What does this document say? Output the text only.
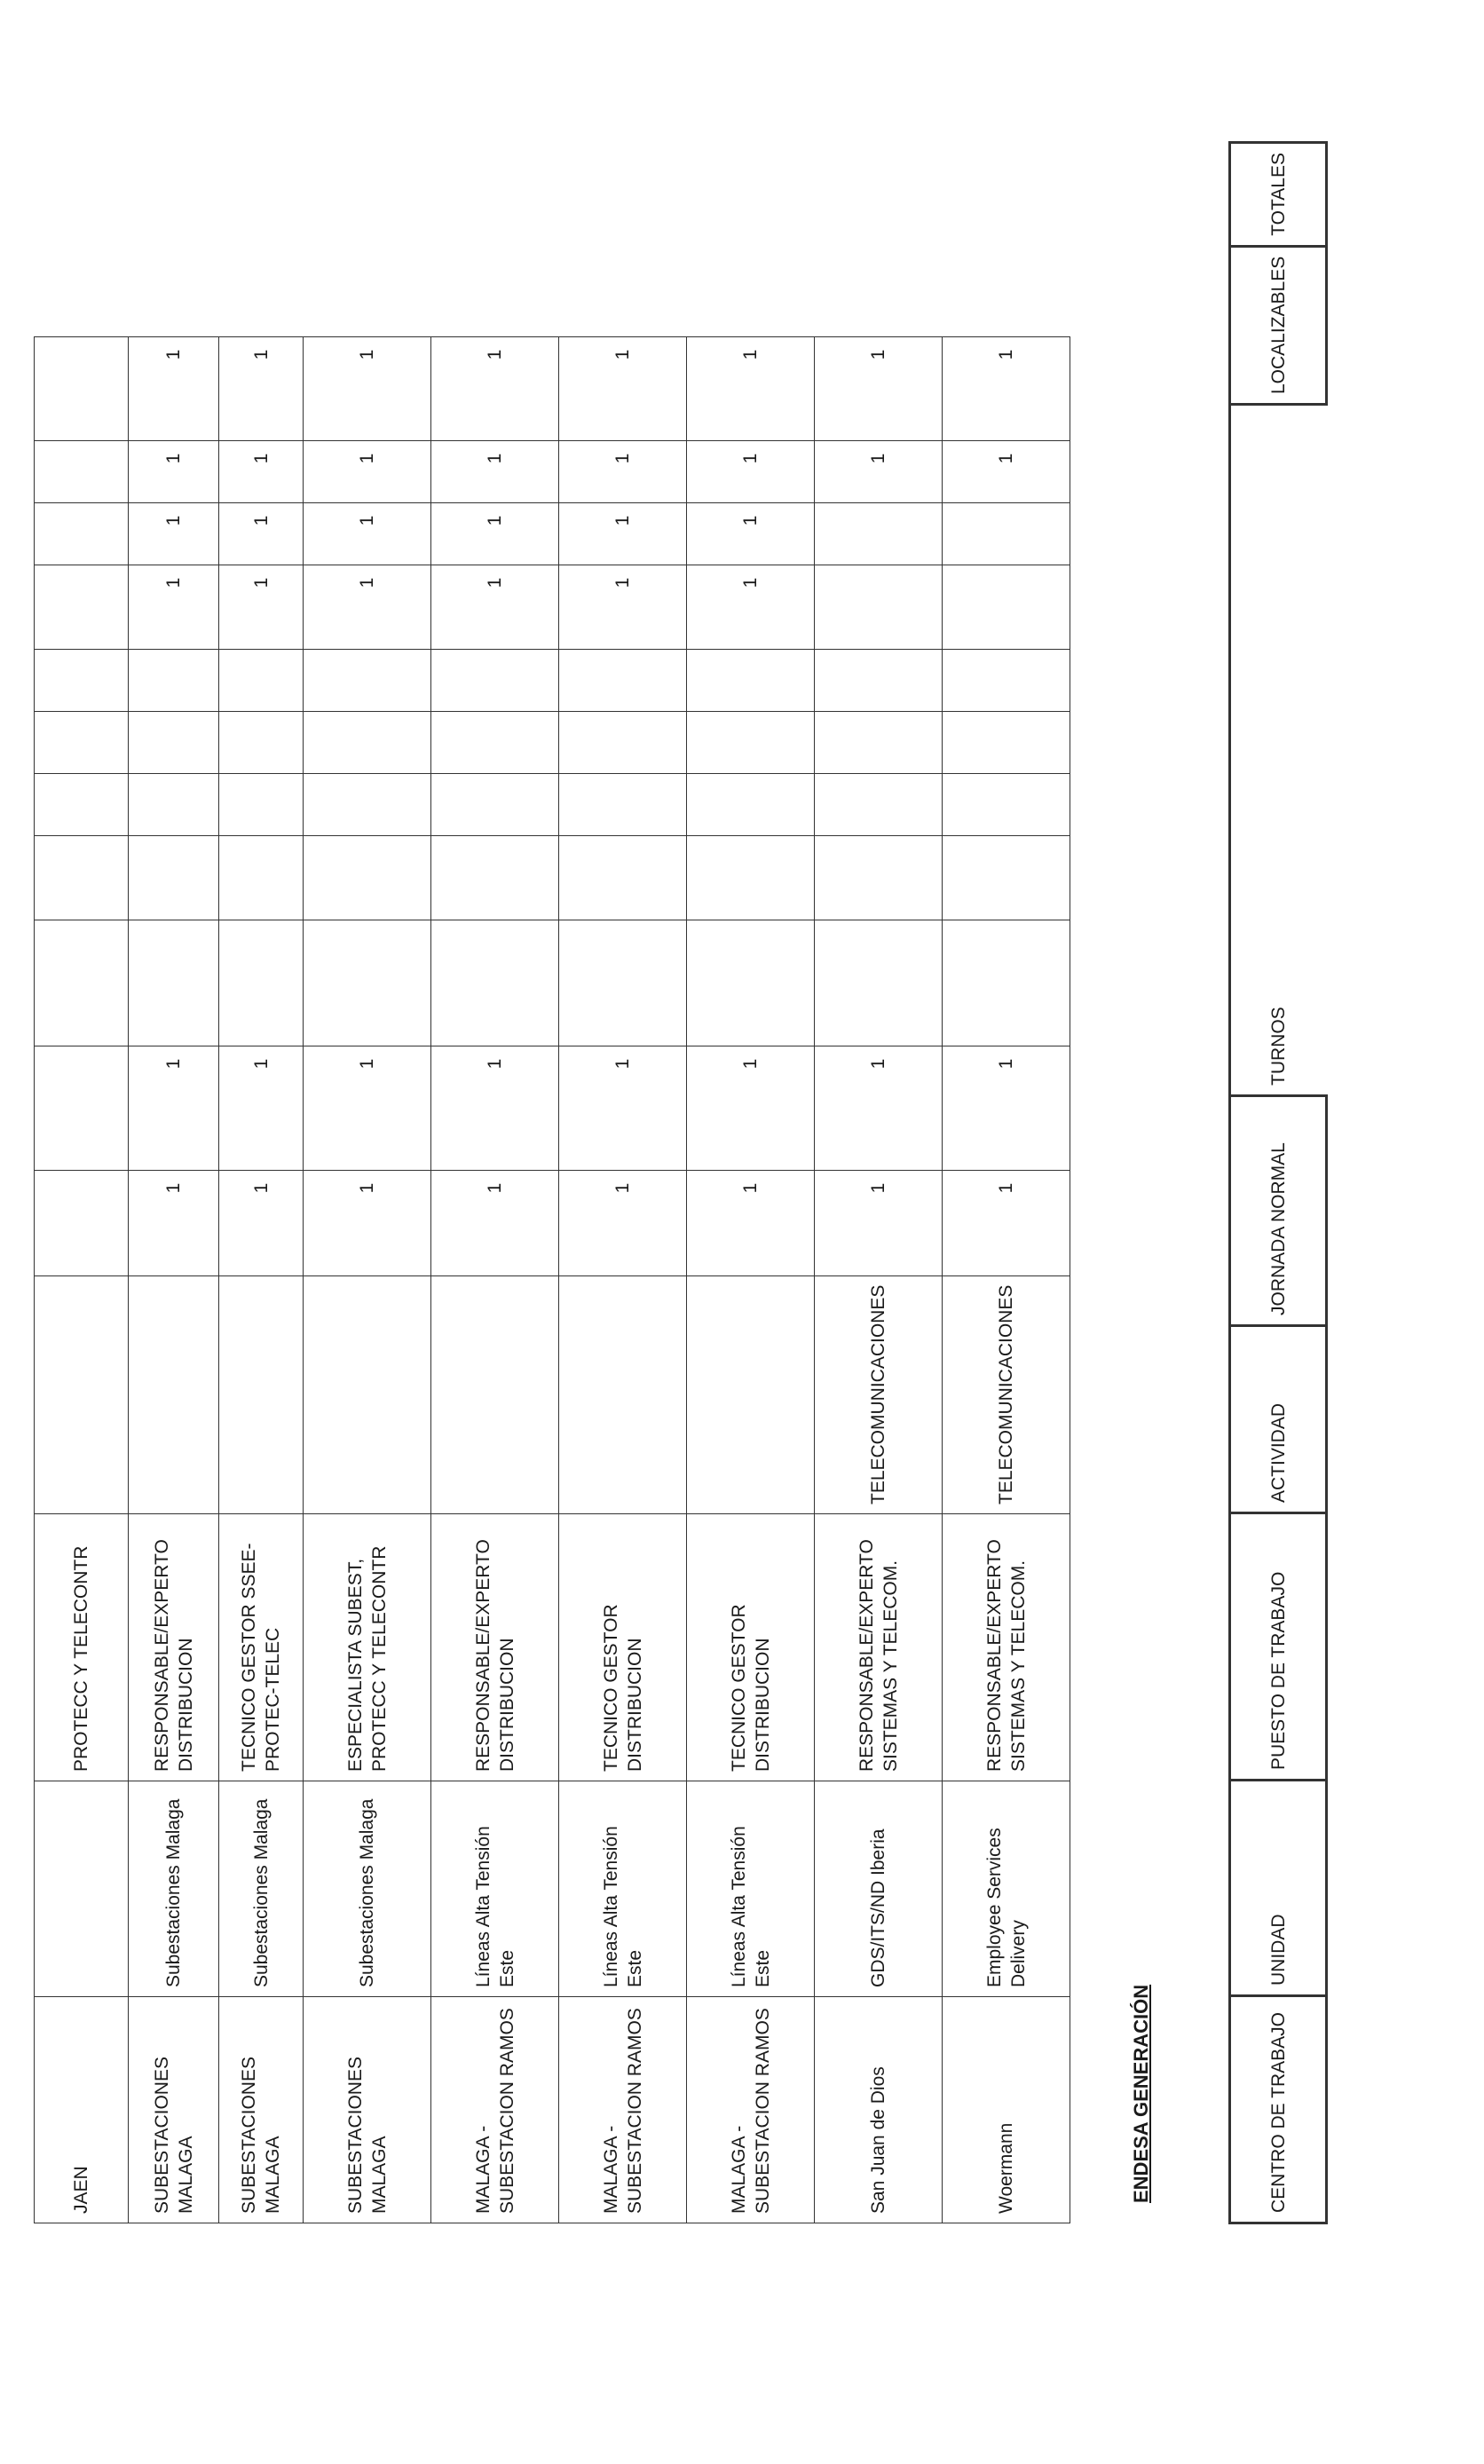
JAEN		PROTECC Y TELECONTR												
SUBESTACIONES MALAGA	Subestaciones Malaga	RESPONSABLE/EXPERTO DISTRIBUCION		1	1						1	1	1	1
SUBESTACIONES MALAGA	Subestaciones Malaga	TECNICO GESTOR SSEE-PROTEC-TELEC		1	1						1	1	1	1
SUBESTACIONES MALAGA	Subestaciones Malaga	ESPECIALISTA SUBEST, PROTECC Y TELECONTR		1	1						1	1	1	1
MALAGA - SUBESTACION RAMOS	Líneas Alta Tensión Este	RESPONSABLE/EXPERTO DISTRIBUCION		1	1						1	1	1	1
MALAGA - SUBESTACION RAMOS	Líneas Alta Tensión Este	TECNICO GESTOR DISTRIBUCION		1	1						1	1	1	1
MALAGA - SUBESTACION RAMOS	Líneas Alta Tensión Este	TECNICO GESTOR DISTRIBUCION		1	1						1	1	1	1
San Juan de Dios	GDS/ITS/ND Iberia	RESPONSABLE/EXPERTO SISTEMAS Y TELECOM.	TELECOMUNICACIONES	1	1								1	1
Woermann	Employee Services Delivery	RESPONSABLE/EXPERTO SISTEMAS Y TELECOM.	TELECOMUNICACIONES	1	1								1	1
ENDESA GENERACIÓN	CENTRO DE TRABAJO	UNIDAD	PUESTO DE TRABAJO	ACTIVIDAD	JORNADA NORMAL	TURNOS	LOCALIZABLES	TOTALES
